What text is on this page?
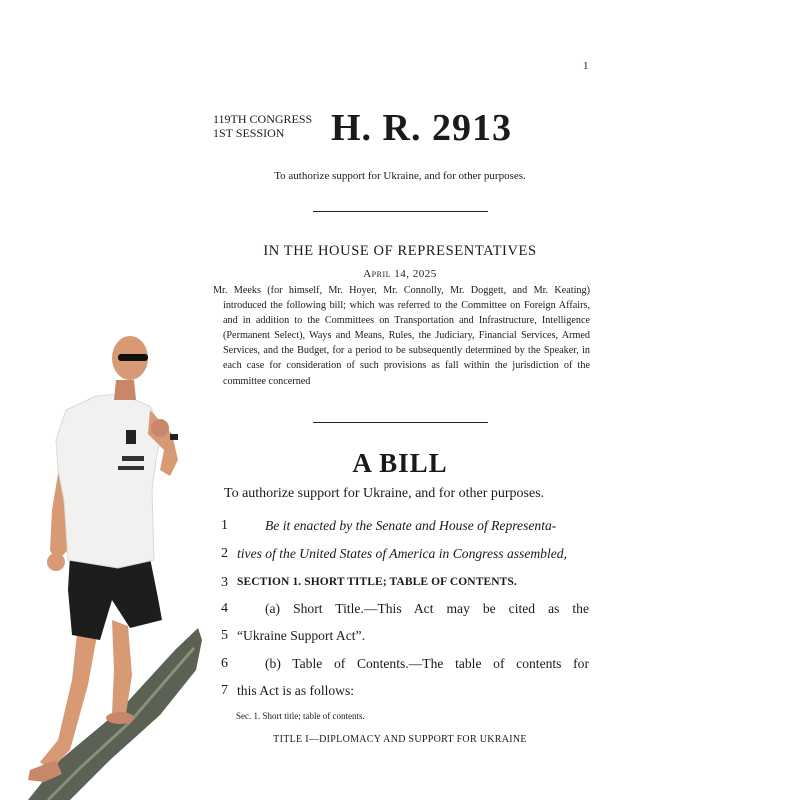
1
119TH CONGRESS
1ST SESSION	H. R. 2913
To authorize support for Ukraine, and for other purposes.
IN THE HOUSE OF REPRESENTATIVES
April 14, 2025
Mr. Meeks (for himself, Mr. Hoyer, Mr. Connolly, Mr. Doggett, and Mr. Keating) introduced the following bill; which was referred to the Committee on Foreign Affairs, and in addition to the Committees on Transportation and Infrastructure, Intelligence (Permanent Select), Ways and Means, Rules, the Judiciary, Financial Services, Armed Services, and the Budget, for a period to be subsequently determined by the Speaker, in each case for consideration of such provisions as fall within the jurisdiction of the committee concerned
A BILL
To authorize support for Ukraine, and for other purposes.
1	Be it enacted by the Senate and House of Representa-
2 tives of the United States of America in Congress assembled,
3 SECTION 1. SHORT TITLE; TABLE OF CONTENTS.
4	(a) Short Title.—This Act may be cited as the
5 “Ukraine Support Act”.
6	(b) Table of Contents.—The table of contents for
7 this Act is as follows:
Sec. 1. Short title; table of contents.
TITLE I—DIPLOMACY AND SUPPORT FOR UKRAINE
